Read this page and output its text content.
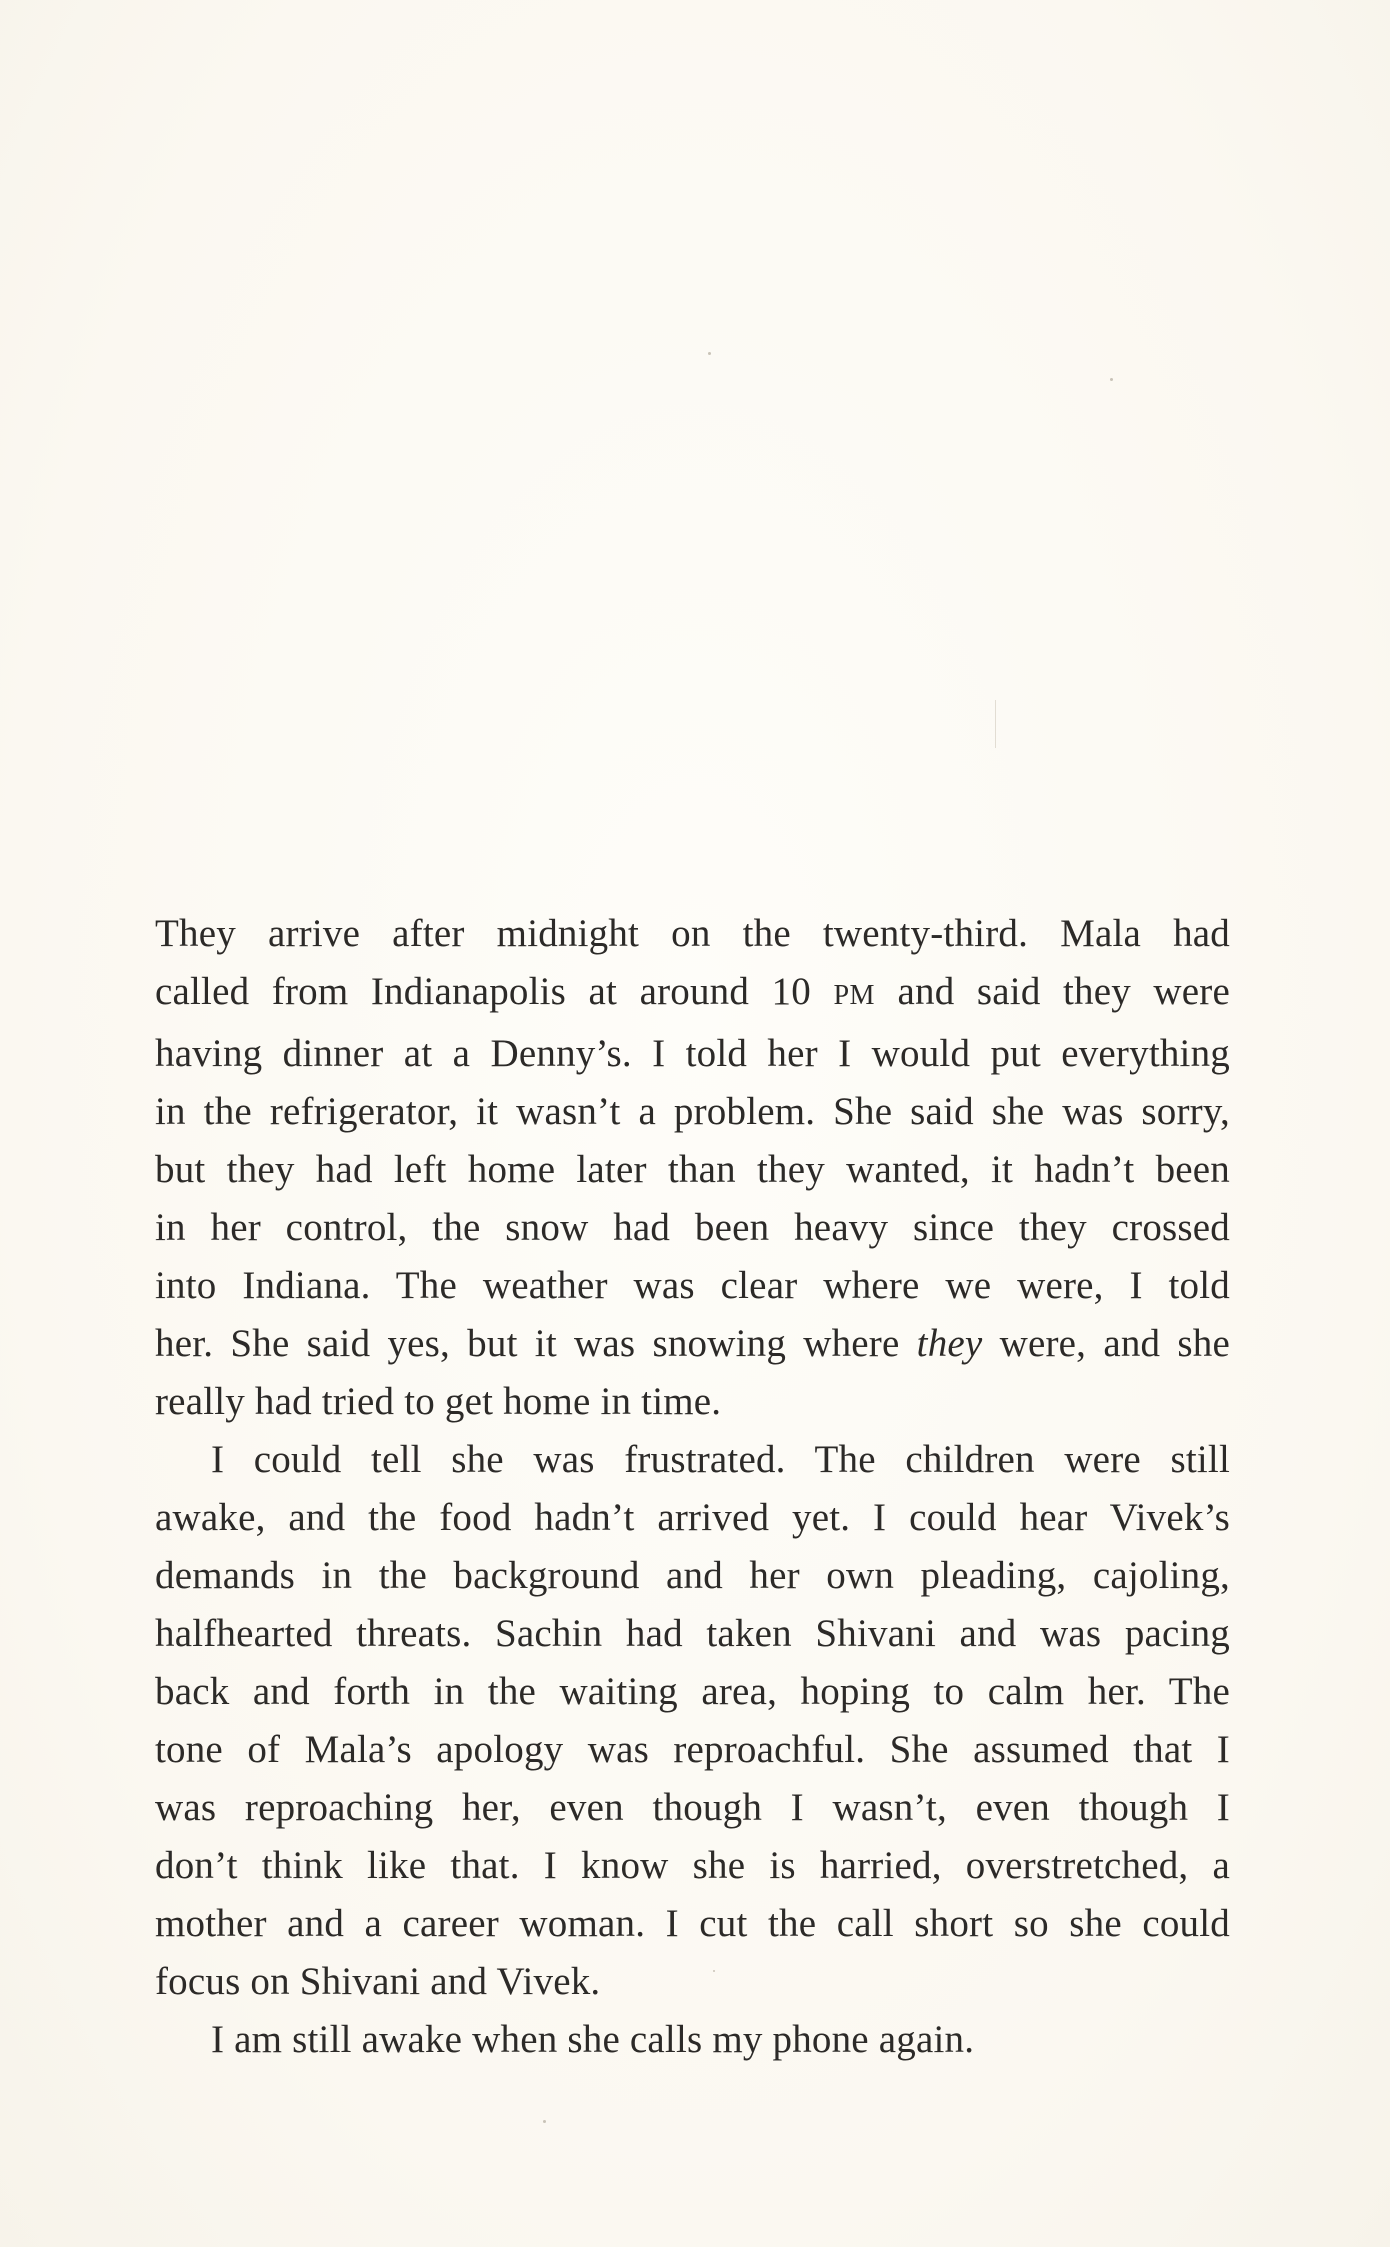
They arrive after midnight on the twenty-third. Mala had
called from Indianapolis at around 10 PM and said they were
having dinner at a Denny’s. I told her I would put everything
in the refrigerator, it wasn’t a problem. She said she was sorry,
but they had left home later than they wanted, it hadn’t been
in her control, the snow had been heavy since they crossed
into Indiana. The weather was clear where we were, I told
her. She said yes, but it was snowing where they were, and she
really had tried to get home in time.

I could tell she was frustrated. The children were still
awake, and the food hadn’t arrived yet. I could hear Vivek’s
demands in the background and her own pleading, cajoling,
halfhearted threats. Sachin had taken Shivani and was pacing
back and forth in the waiting area, hoping to calm her. The
tone of Mala’s apology was reproachful. She assumed that I
was reproaching her, even though I wasn’t, even though I
don’t think like that. I know she is harried, overstretched, a
mother and a career woman. I cut the call short so she could
focus on Shivani and Vivek.

I am still awake when she calls my phone again.
